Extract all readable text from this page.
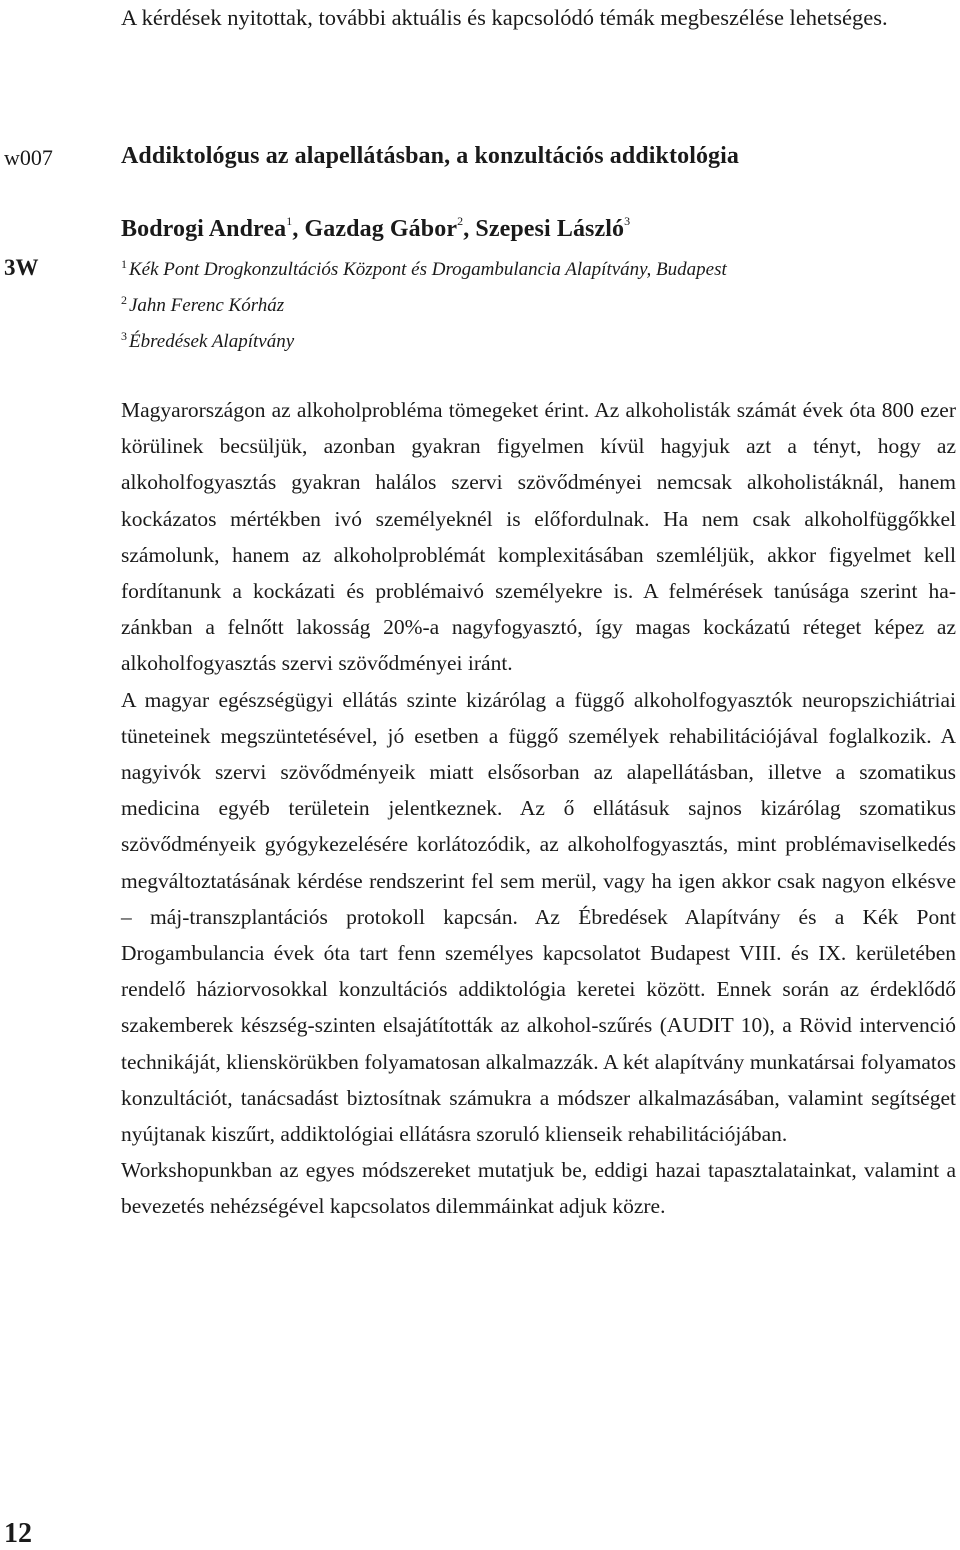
A kérdések nyitottak, további aktuális és kapcsolódó témák megbeszélése lehetséges.
w007
3W
Addiktológus az alapellátásban, a konzultációs addiktológia
Bodrogi Andrea$^1$, Gazdag Gábor$^2$, Szepesi László$^3$
$^1$ Kék Pont Drogkonzultációs Központ és Drogambulancia Alapítvány, Budapest
$^2$ Jahn Ferenc Kórház
$^3$ Ébredések Alapítvány

Magyarországon az alkoholprobléma tömegeket érint. Az alkoholisták számát évek óta 800 ezer körülinek becsüljük, azonban gyakran figyelmen kívül hagyjuk azt a tényt, hogy az alkoholfogyasztás gyakran halálos szervi szövődményei nemcsak alkoholistáknál, hanem kockázatos mértékben ivó személyeknél is előfordulnak. Ha nem csak alkoholfüggőkkel számolunk, hanem az alkoholproblémát komplexitásában szemléljük, akkor figyelmet kell fordítanunk a kockázati és problémaivó személyekre is. A felmérések tanúsága szerint hazánkban a felnőtt lakosság 20%-a nagyfogyasztó, így magas kockázatú réteget képez az alkoholfogyasztás szervi szövődményei iránt.

A magyar egészségügyi ellátás szinte kizárólag a függő alkoholfogyasztók neuropszichiátriai tüneteinek megszüntetésével, jó esetben a függő személyek rehabilitációjával foglalkozik. A nagyivók szervi szövődményeik miatt elsősorban az alapellátásban, illetve a szomatikus medicina egyéb területein jelentkeznek. Az ő ellátásuk sajnos kizárólag szomatikus szövődményeik gyógykezelésére korlátozódik, az alkoholfogyasztás, mint problémaviselkedés megváltoztatásának kérdése rendszerint fel sem merül, vagy ha igen akkor csak nagyon elkésve – máj-transzplantációs protokoll kapcsán. Az Ébredések Alapítvány és a Kék Pont Drogambulancia évek óta tart fenn személyes kapcsolatot Budapest VIII. és IX. kerületében rendelő háziorvosokkal konzultációs addiktológia keretei között. Ennek során az érdeklődő szakemberek készség-szinten elsajátították az alkohol-szűrés (AUDIT 10), a Rövid intervenció technikáját, klienskörükben folyamatosan alkalmazzák. A két alapítvány munkatársai folyamatos konzultációt, tanácsadást biztosítnak számukra a módszer alkalmazásában, valamint segítséget nyújtanak kiszűrt, addiktológiai ellátásra szoruló klienseik rehabilitációjában.

Workshopunkban az egyes módszereket mutatjuk be, eddigi hazai tapasztalatainkat, valamint a bevezetés nehézségével kapcsolatos dilemmáinkat adjuk közre.

12
